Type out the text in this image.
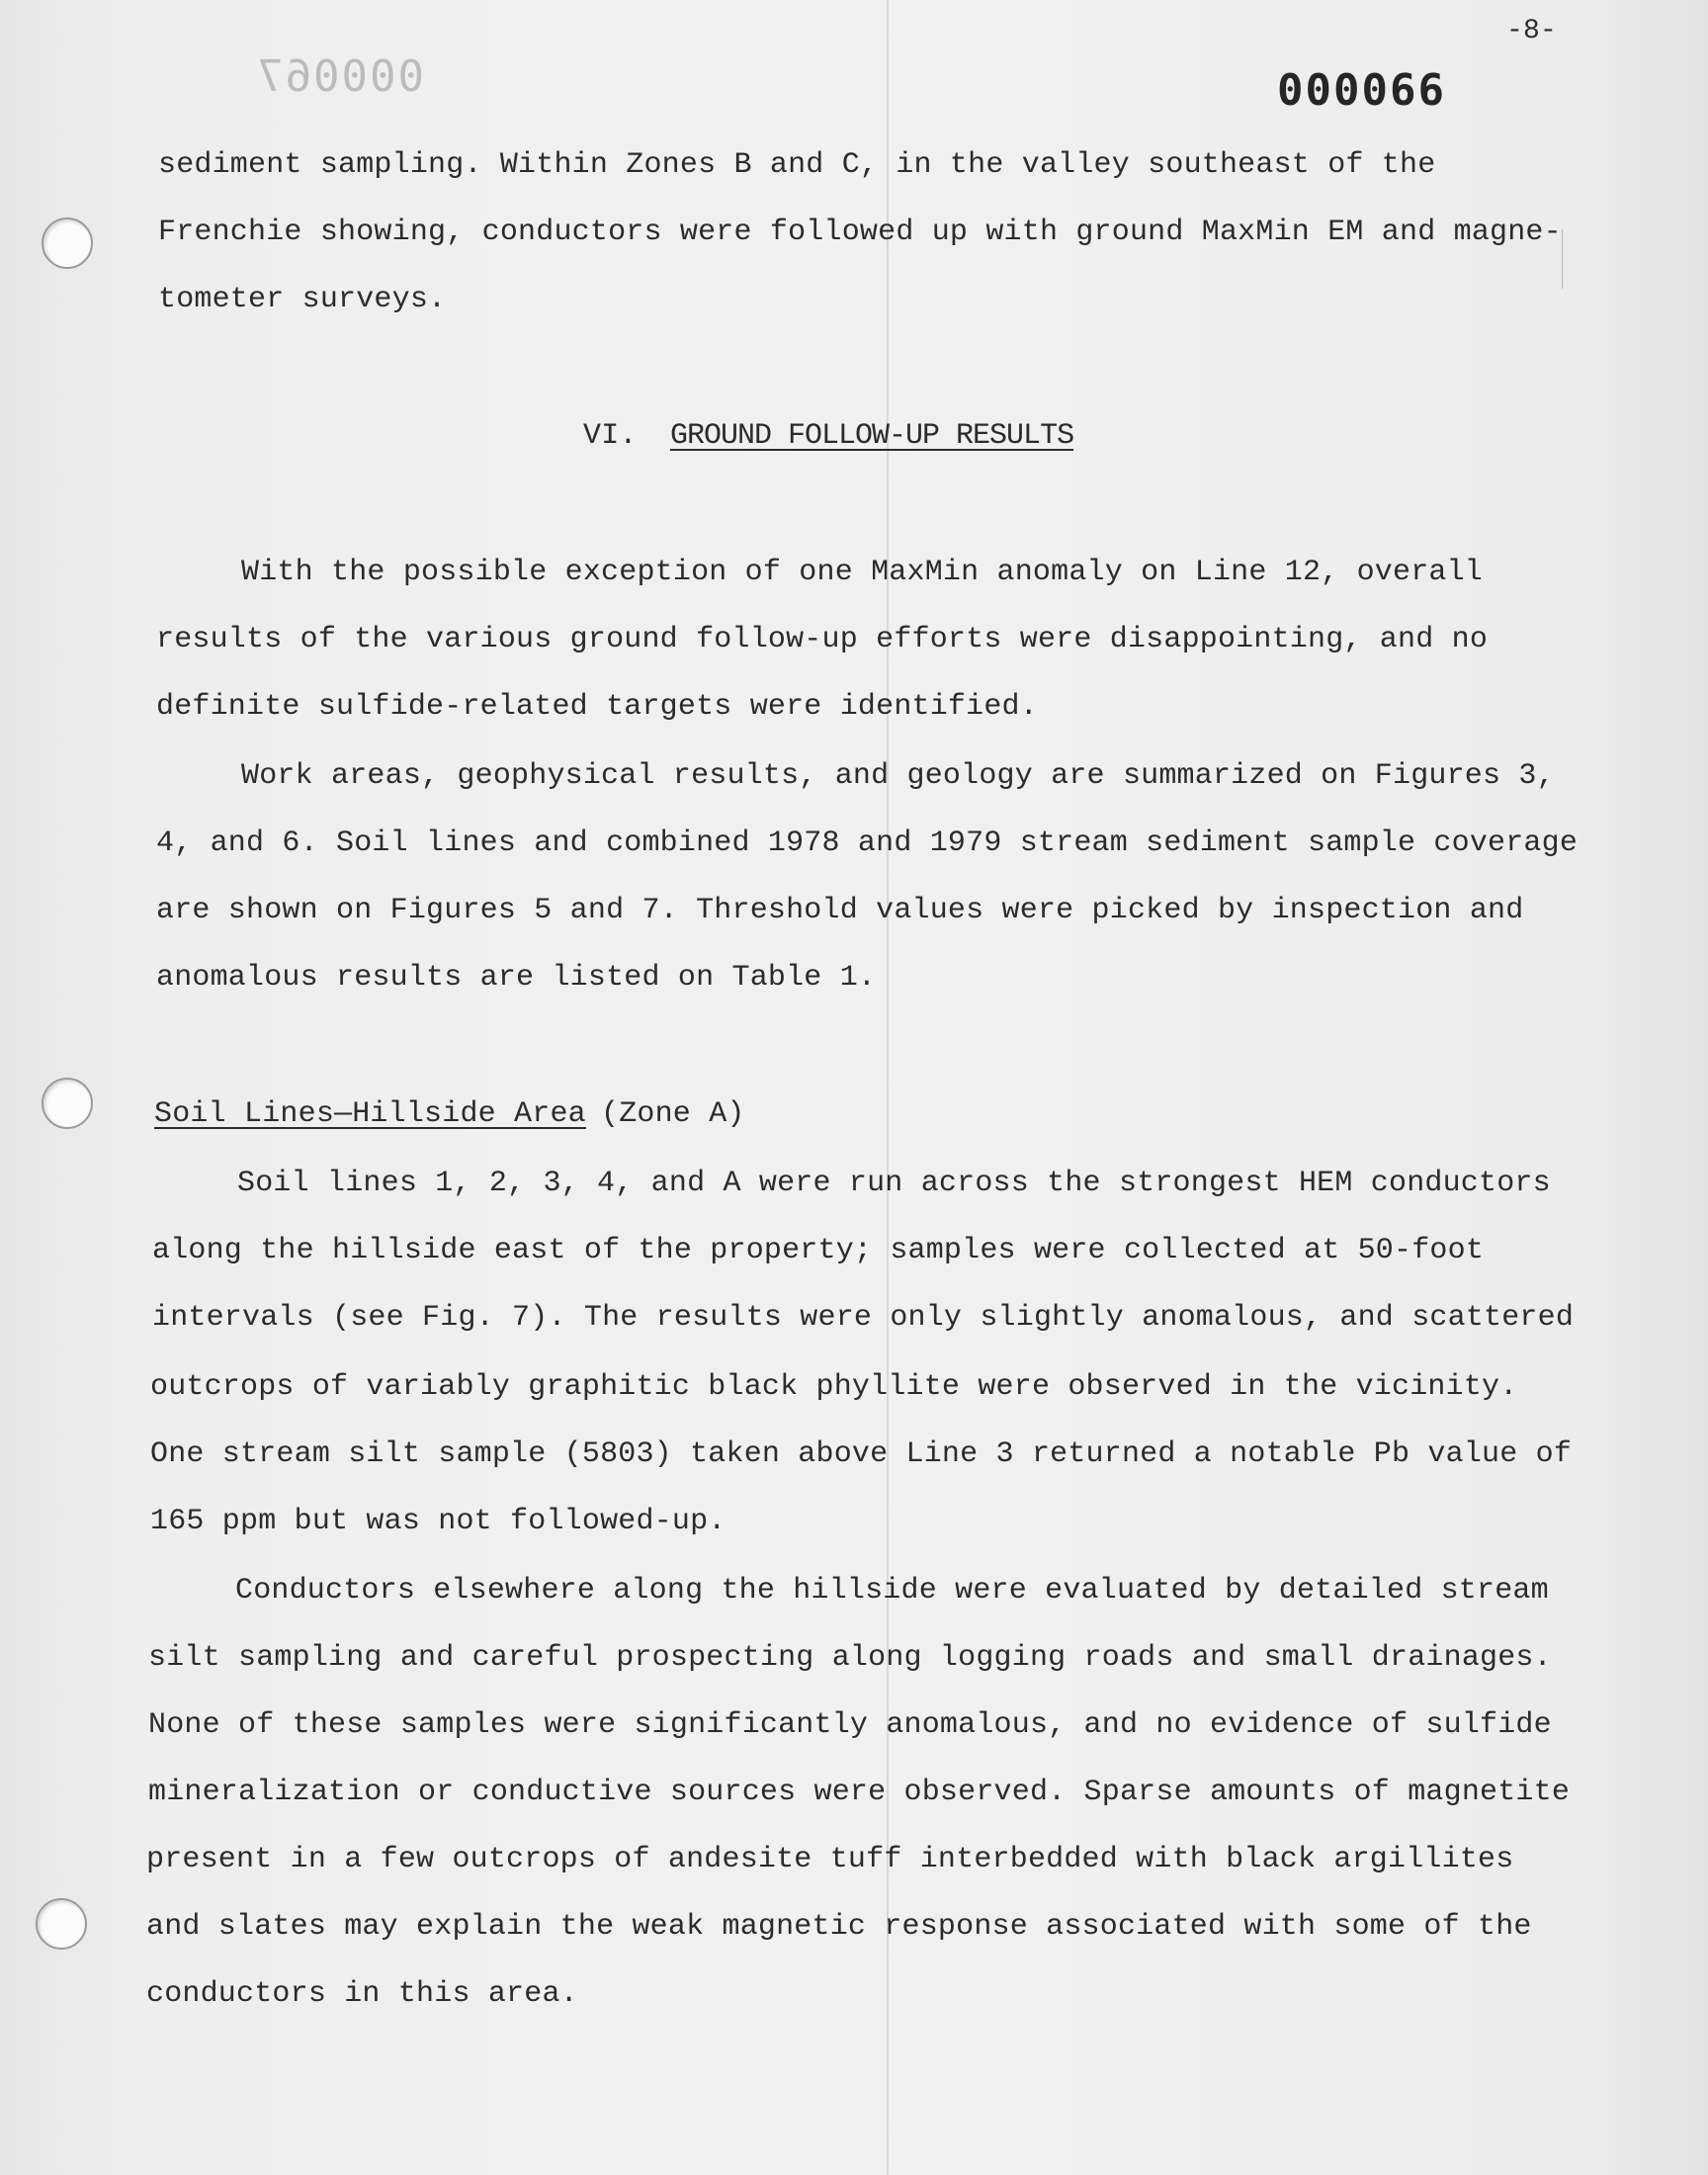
-8-
000067	000066
sediment sampling. Within Zones B and C, in the valley southeast of the
Frenchie showing, conductors were followed up with ground MaxMin EM and magne-
tometer surveys.
VI. GROUND FOLLOW-UP RESULTS
With the possible exception of one MaxMin anomaly on Line 12, overall
results of the various ground follow-up efforts were disappointing, and no
definite sulfide-related targets were identified.
Work areas, geophysical results, and geology are summarized on Figures 3,
4, and 6. Soil lines and combined 1978 and 1979 stream sediment sample coverage
are shown on Figures 5 and 7. Threshold values were picked by inspection and
anomalous results are listed on Table 1.
Soil Lines—Hillside Area (Zone A)
Soil lines 1, 2, 3, 4, and A were run across the strongest HEM conductors
along the hillside east of the property; samples were collected at 50-foot
intervals (see Fig. 7). The results were only slightly anomalous, and scattered
outcrops of variably graphitic black phyllite were observed in the vicinity.
One stream silt sample (5803) taken above Line 3 returned a notable Pb value of
165 ppm but was not followed-up.
Conductors elsewhere along the hillside were evaluated by detailed stream
silt sampling and careful prospecting along logging roads and small drainages.
None of these samples were significantly anomalous, and no evidence of sulfide
mineralization or conductive sources were observed. Sparse amounts of magnetite
present in a few outcrops of andesite tuff interbedded with black argillites
and slates may explain the weak magnetic response associated with some of the
conductors in this area.
